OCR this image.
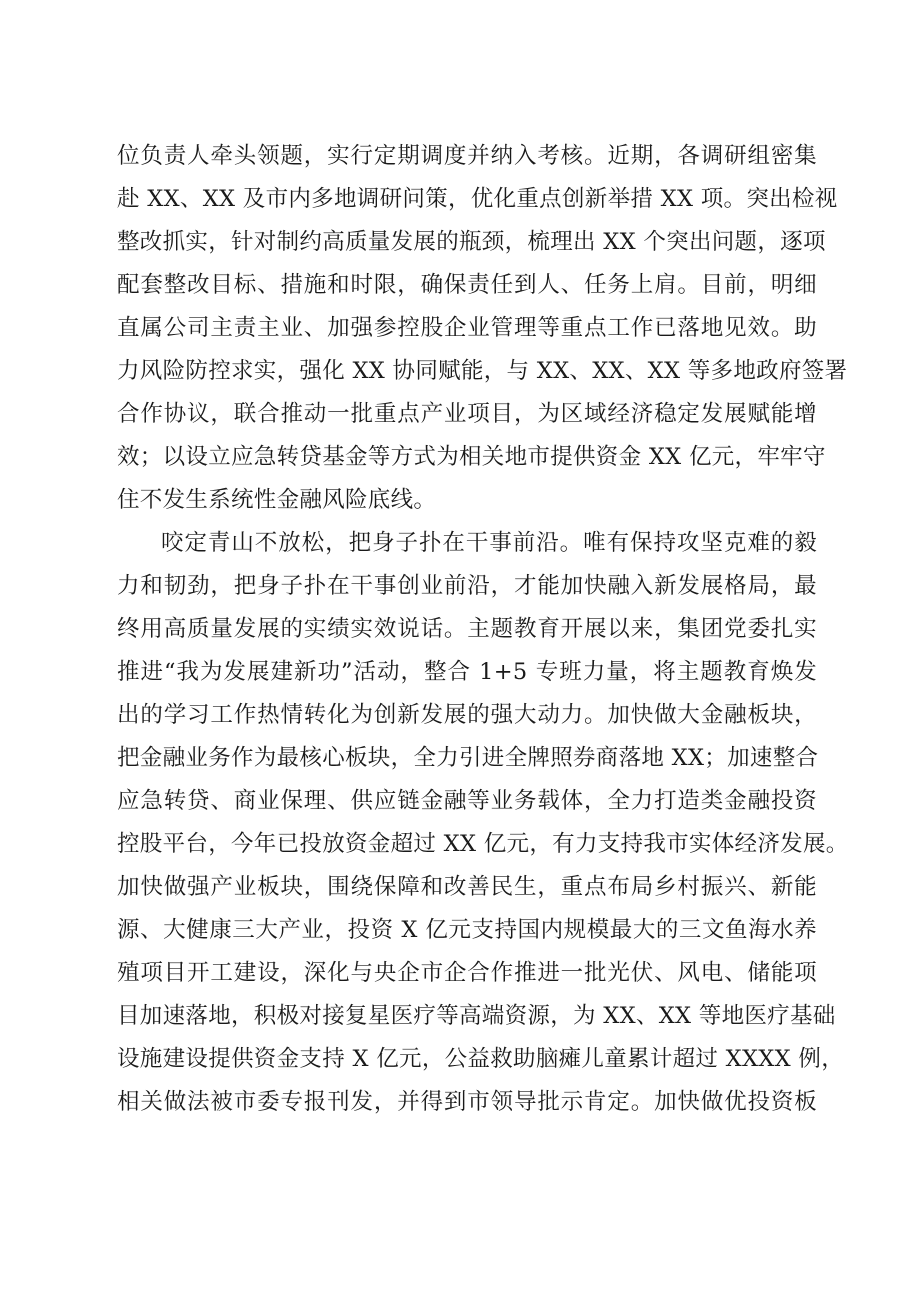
位负责人牵头领题，实行定期调度并纳入考核。近期，各调研组密集
赴 XX、XX 及市内多地调研问策，优化重点创新举措 XX 项。突出检视
整改抓实，针对制约高质量发展的瓶颈，梳理出 XX 个突出问题，逐项
配套整改目标、措施和时限，确保责任到人、任务上肩。目前，明细
直属公司主责主业、加强参控股企业管理等重点工作已落地见效。助
力风险防控求实，强化 XX 协同赋能，与 XX、XX、XX 等多地政府签署
合作协议，联合推动一批重点产业项目，为区域经济稳定发展赋能增
效；以设立应急转贷基金等方式为相关地市提供资金 XX 亿元，牢牢守
住不发生系统性金融风险底线。
咬定青山不放松，把身子扑在干事前沿。唯有保持攻坚克难的毅
力和韧劲，把身子扑在干事创业前沿，才能加快融入新发展格局，最
终用高质量发展的实绩实效说话。主题教育开展以来，集团党委扎实
推进“我为发展建新功”活动，整合 1+5 专班力量，将主题教育焕发
出的学习工作热情转化为创新发展的强大动力。加快做大金融板块，
把金融业务作为最核心板块，全力引进全牌照券商落地 XX；加速整合
应急转贷、商业保理、供应链金融等业务载体，全力打造类金融投资
控股平台，今年已投放资金超过 XX 亿元，有力支持我市实体经济发展。
加快做强产业板块，围绕保障和改善民生，重点布局乡村振兴、新能
源、大健康三大产业，投资 X 亿元支持国内规模最大的三文鱼海水养
殖项目开工建设，深化与央企市企合作推进一批光伏、风电、储能项
目加速落地，积极对接复星医疗等高端资源，为 XX、XX 等地医疗基础
设施建设提供资金支持 X 亿元，公益救助脑瘫儿童累计超过 XXXX 例，
相关做法被市委专报刊发，并得到市领导批示肯定。加快做优投资板
